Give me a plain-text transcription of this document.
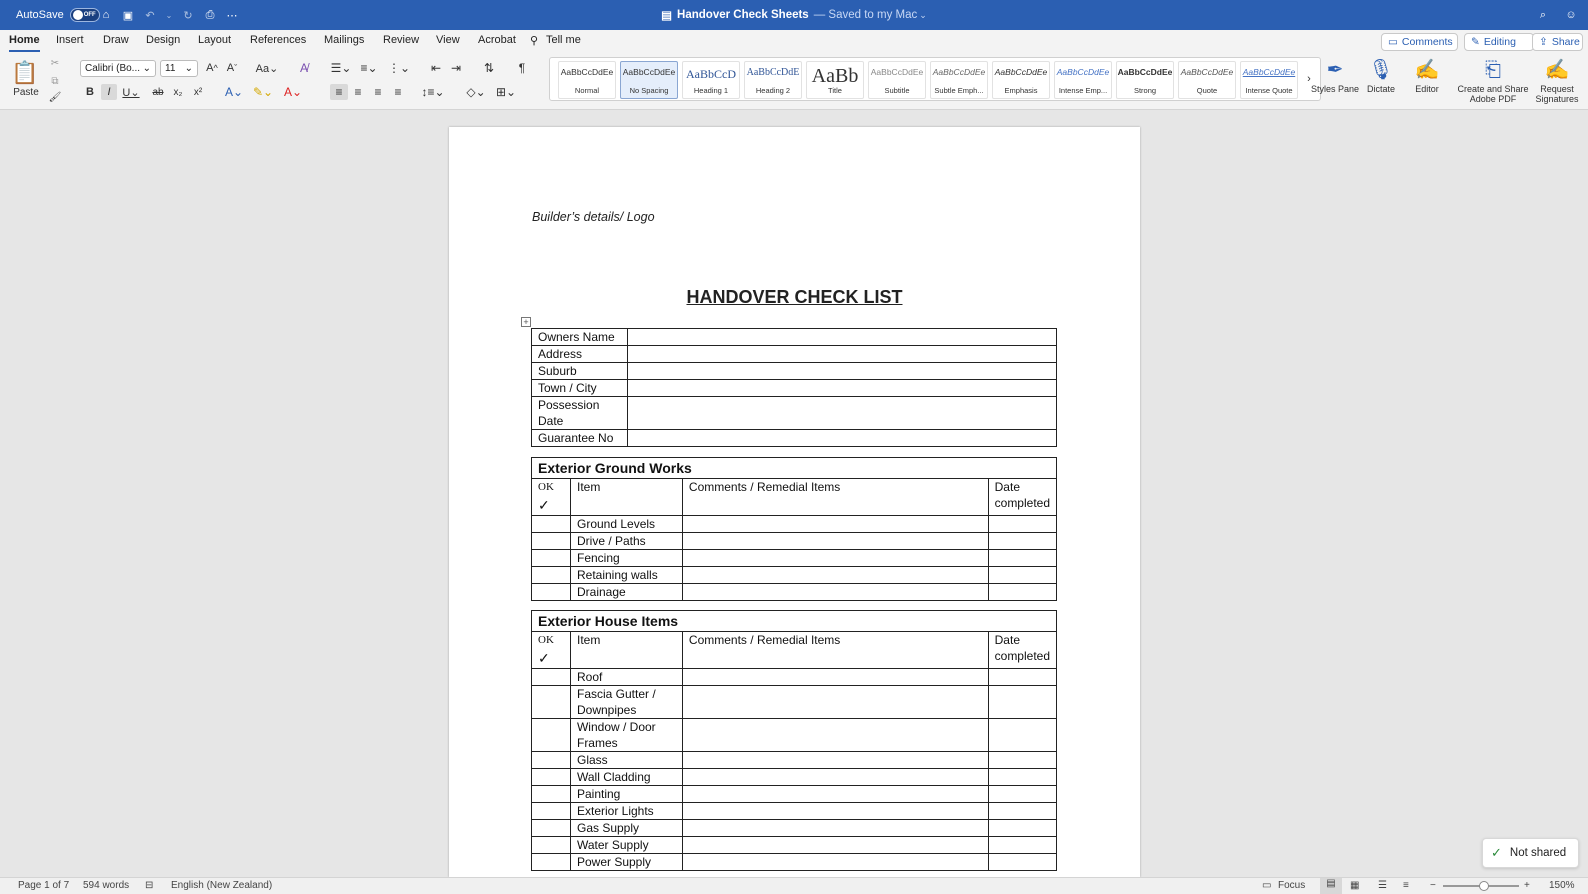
AutoSave	OFF ⌂	▣ ↶ ⌄ ↻ ⎙ ⋯	▤ Handover Check Sheets — Saved to my Mac ⌄	⌕	☺
Home Insert Draw Design Layout References Mailings Review View Acrobat ⚲ Tell me	▭ Comments ✎ Editing ⇪ Share
📋
Paste
✂
⧉
🖌
Calibri (Bo... ⌄ 11 ⌄ A ^ A ˇ Aa⌄	A̸
B	I	U⌄ ab x₂	x²	A⌄ ✎⌄ A⌄
☰⌄ ≡⌄ ⋮⌄ ⇤ ⇥ ⇅	¶
≡ ≡	≡	≡	↕≡⌄ ◇⌄ ⊞⌄
AaBbCcDdEe
Normal
AaBbCcDdEe
No Spacing
AaBbCcD
Heading 1
AaBbCcDdE
Heading 2
AaBb
Title
AaBbCcDdEe
Subtitle
AaBbCcDdEe
Subtle Emph...
AaBbCcDdEe
Emphasis
AaBbCcDdEe
Intense Emp...
AaBbCcDdEe
Strong
AaBbCcDdEe
Quote
AaBbCcDdEe
Intense Quote
› ✒
Styles Pane
🎙
Dictate
✍
Editor
⎗
Create and Share Adobe PDF
✍
Request Signatures
Builder’s details/ Logo
HANDOVER CHECK LIST
+
Owners Name	
Address	
Suburb	
Town / City	
Possession Date	
Guarantee No	
Exterior Ground Works			

OK
✓	Item	Comments / Remedial Items	Date completed
	Ground Levels		
	Drive / Paths		
	Fencing		
	Retaining walls		
	Drainage		
Exterior House Items			

OK
✓	Item	Comments / Remedial Items	Date completed
	Roof		
	Fascia Gutter / Downpipes		
	Window / Door Frames		
	Glass		
	Wall Cladding		
	Painting		
	Exterior Lights		
	Gas Supply		
	Water Supply		
	Power Supply		
✓ Not shared
Page 1 of 7 594 words ⊟ English (New Zealand)	▭ Focus	▤	▦ ☰ ≡ −	+ 150%
